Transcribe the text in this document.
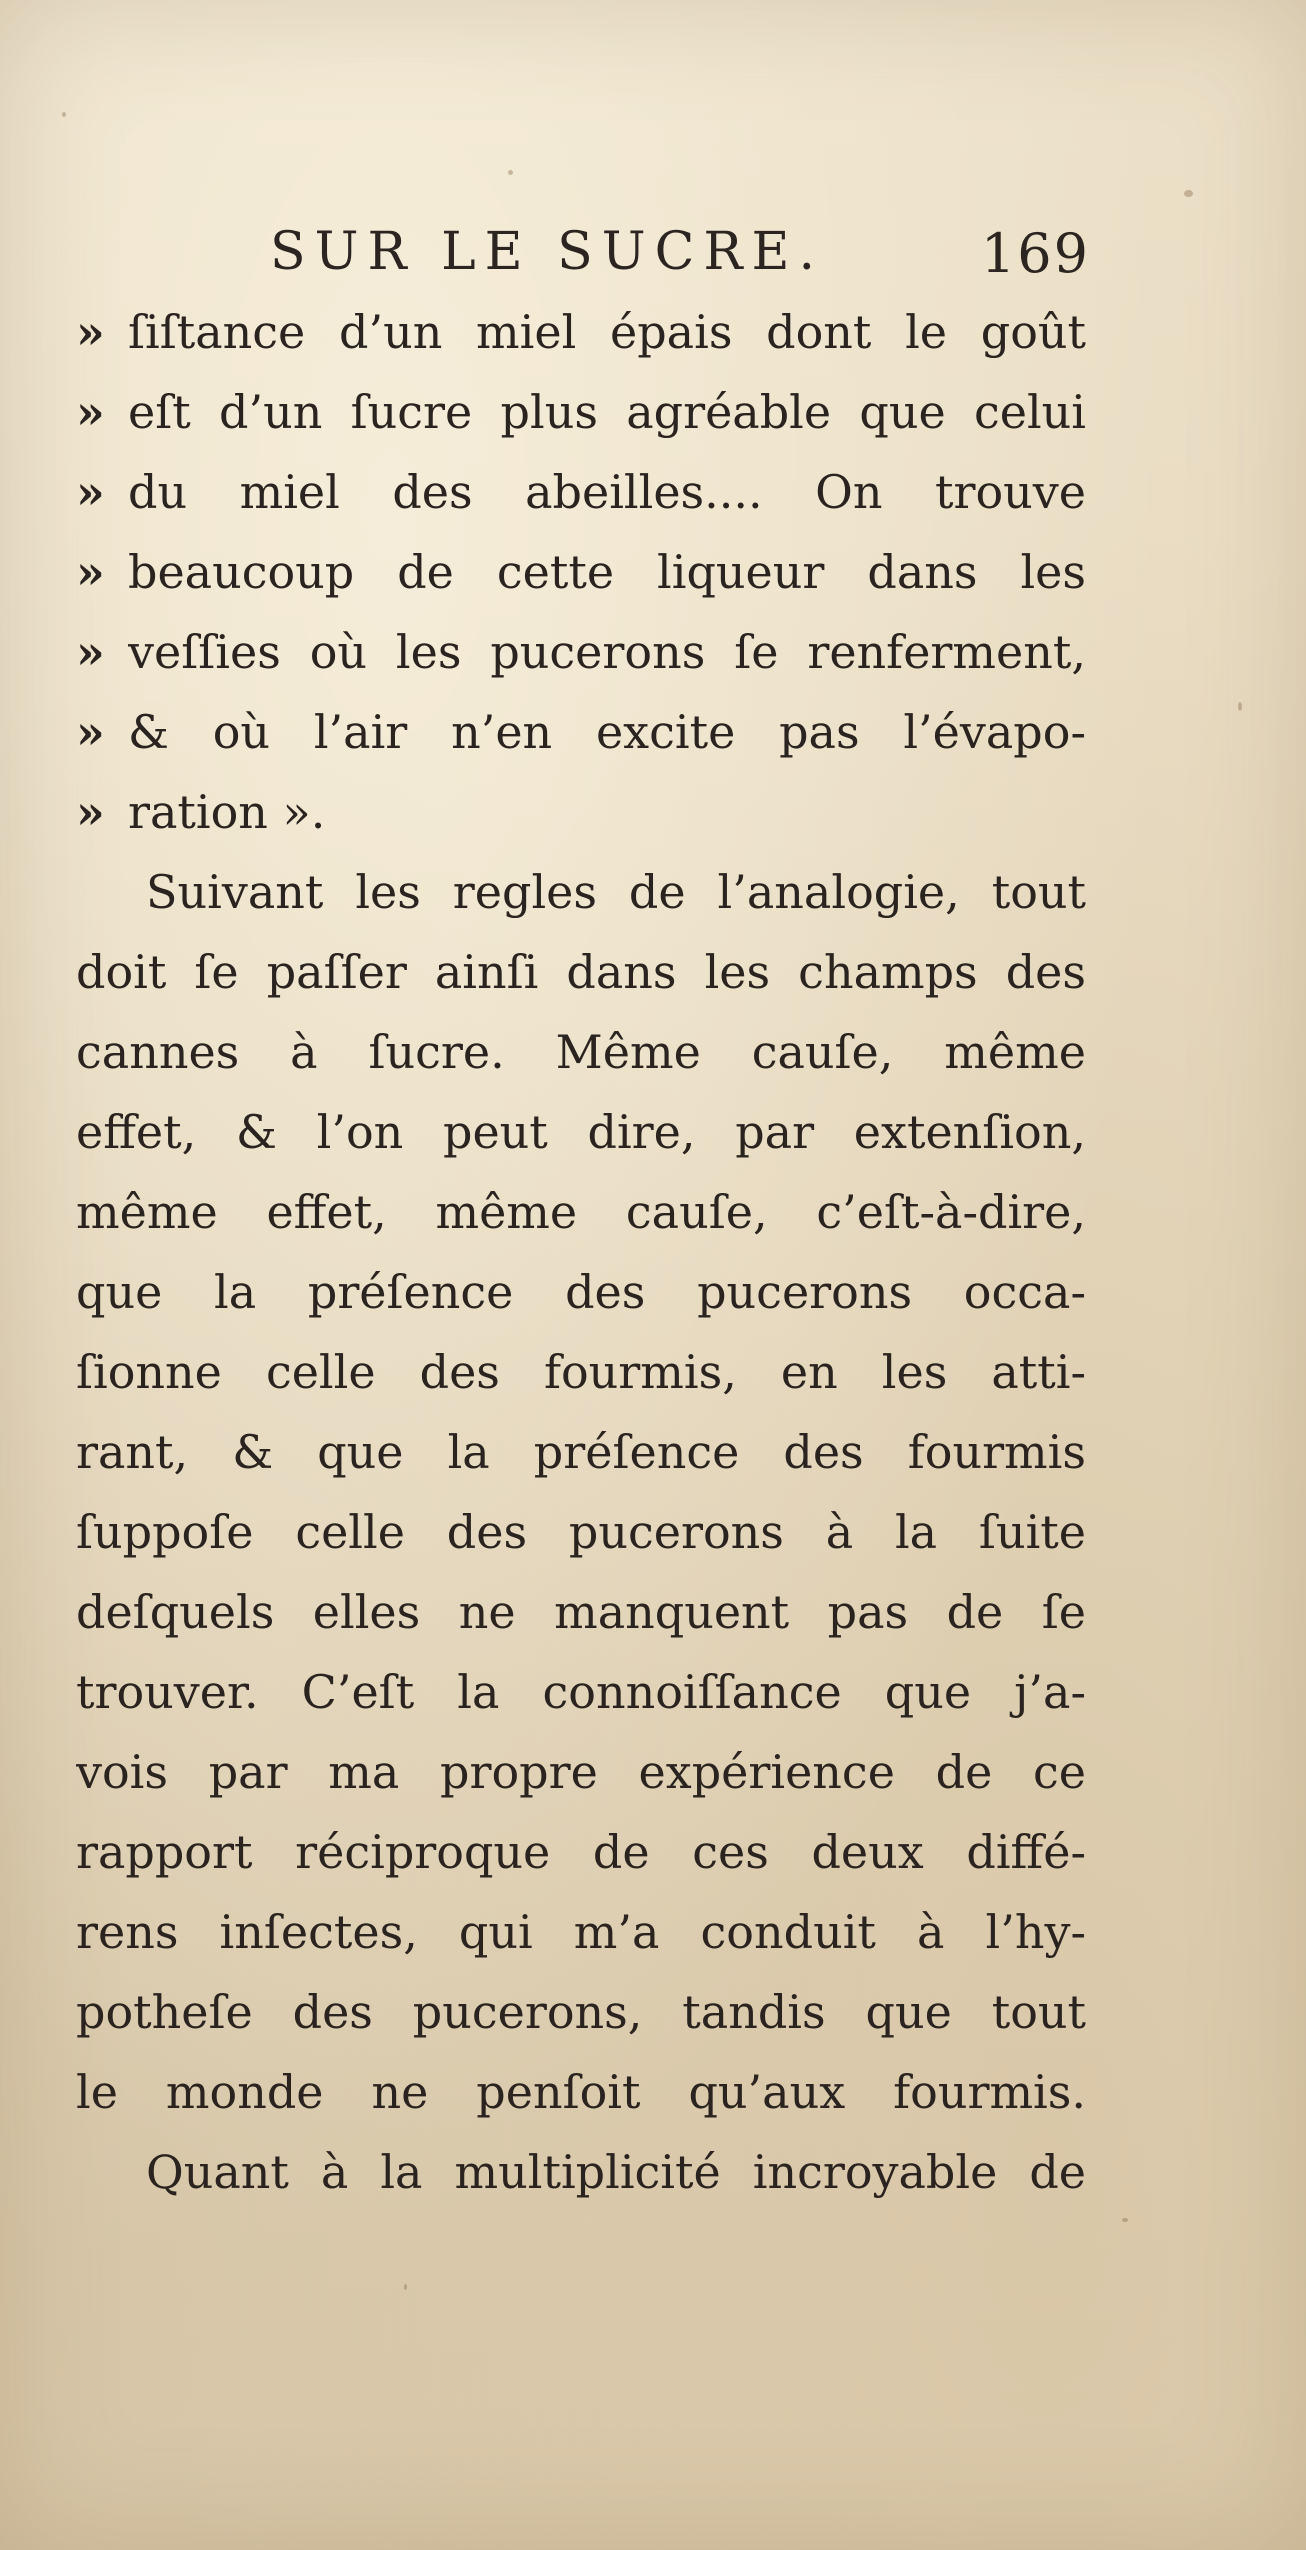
SUR LE SUCRE.	169
» ſiſtance d’un miel épais dont le goût
» eſt d’un ſucre plus agréable que celui
» du miel des abeilles.... On trouve
» beaucoup de cette liqueur dans les
» veſſies où les pucerons ſe renferment,
» & où l’air n’en excite pas l’évapo-
» ration ».
Suivant les regles de l’analogie, tout
doit ſe paſſer ainſi dans les champs des
cannes à ſucre. Même cauſe, même
effet, & l’on peut dire, par extenſion,
même effet, même cauſe, c’eſt-à-dire,
que la préſence des pucerons occa-
ſionne celle des fourmis, en les atti-
rant, & que la préſence des fourmis
ſuppoſe celle des pucerons à la ſuite
deſquels elles ne manquent pas de ſe
trouver. C’eſt la connoiſſance que j’a-
vois par ma propre expérience de ce
rapport réciproque de ces deux diffé-
rens inſectes, qui m’a conduit à l’hy-
potheſe des pucerons, tandis que tout
le monde ne penſoit qu’aux fourmis.
Quant à la multiplicité incroyable de
